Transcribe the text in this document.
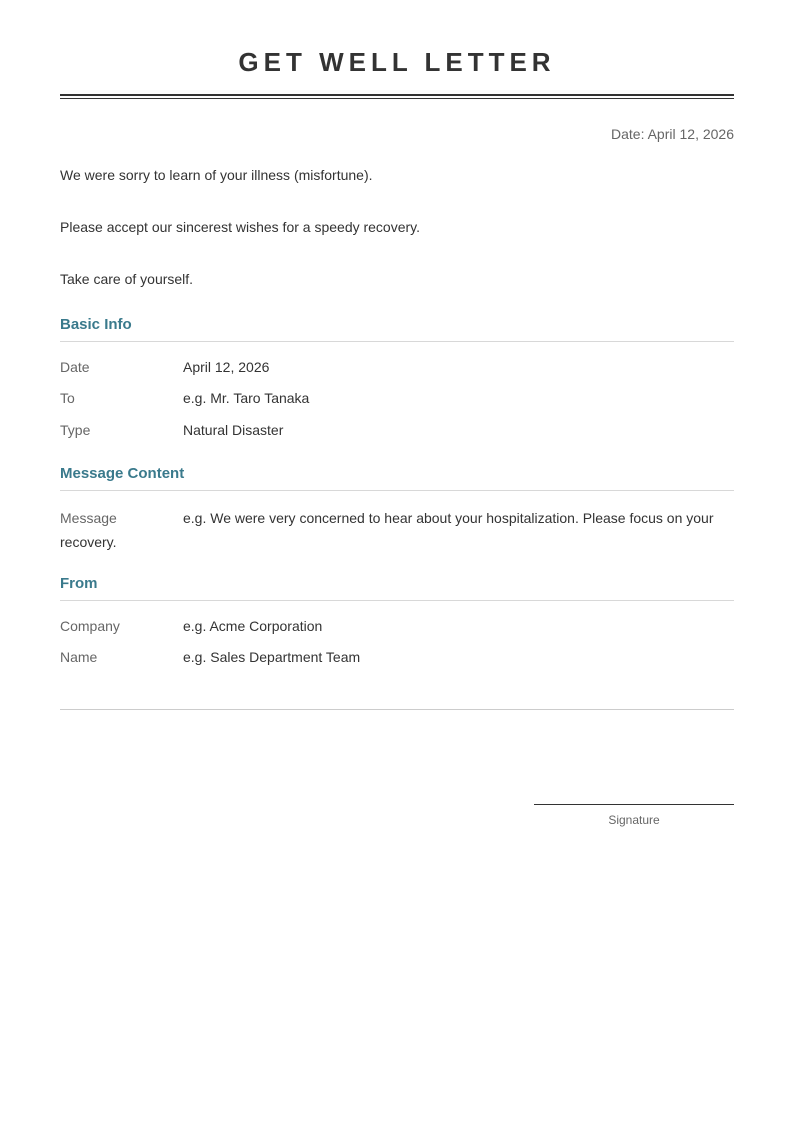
GET WELL LETTER
Date: April 12, 2026
We were sorry to learn of your illness (misfortune).
Please accept our sincerest wishes for a speedy recovery.
Take care of yourself.
Basic Info
Date	April 12, 2026
To	e.g. Mr. Taro Tanaka
Type	Natural Disaster
Message Content
Message	e.g. We were very concerned to hear about your hospitalization. Please focus on your recovery.
From
Company	e.g. Acme Corporation
Name	e.g. Sales Department Team
Signature
